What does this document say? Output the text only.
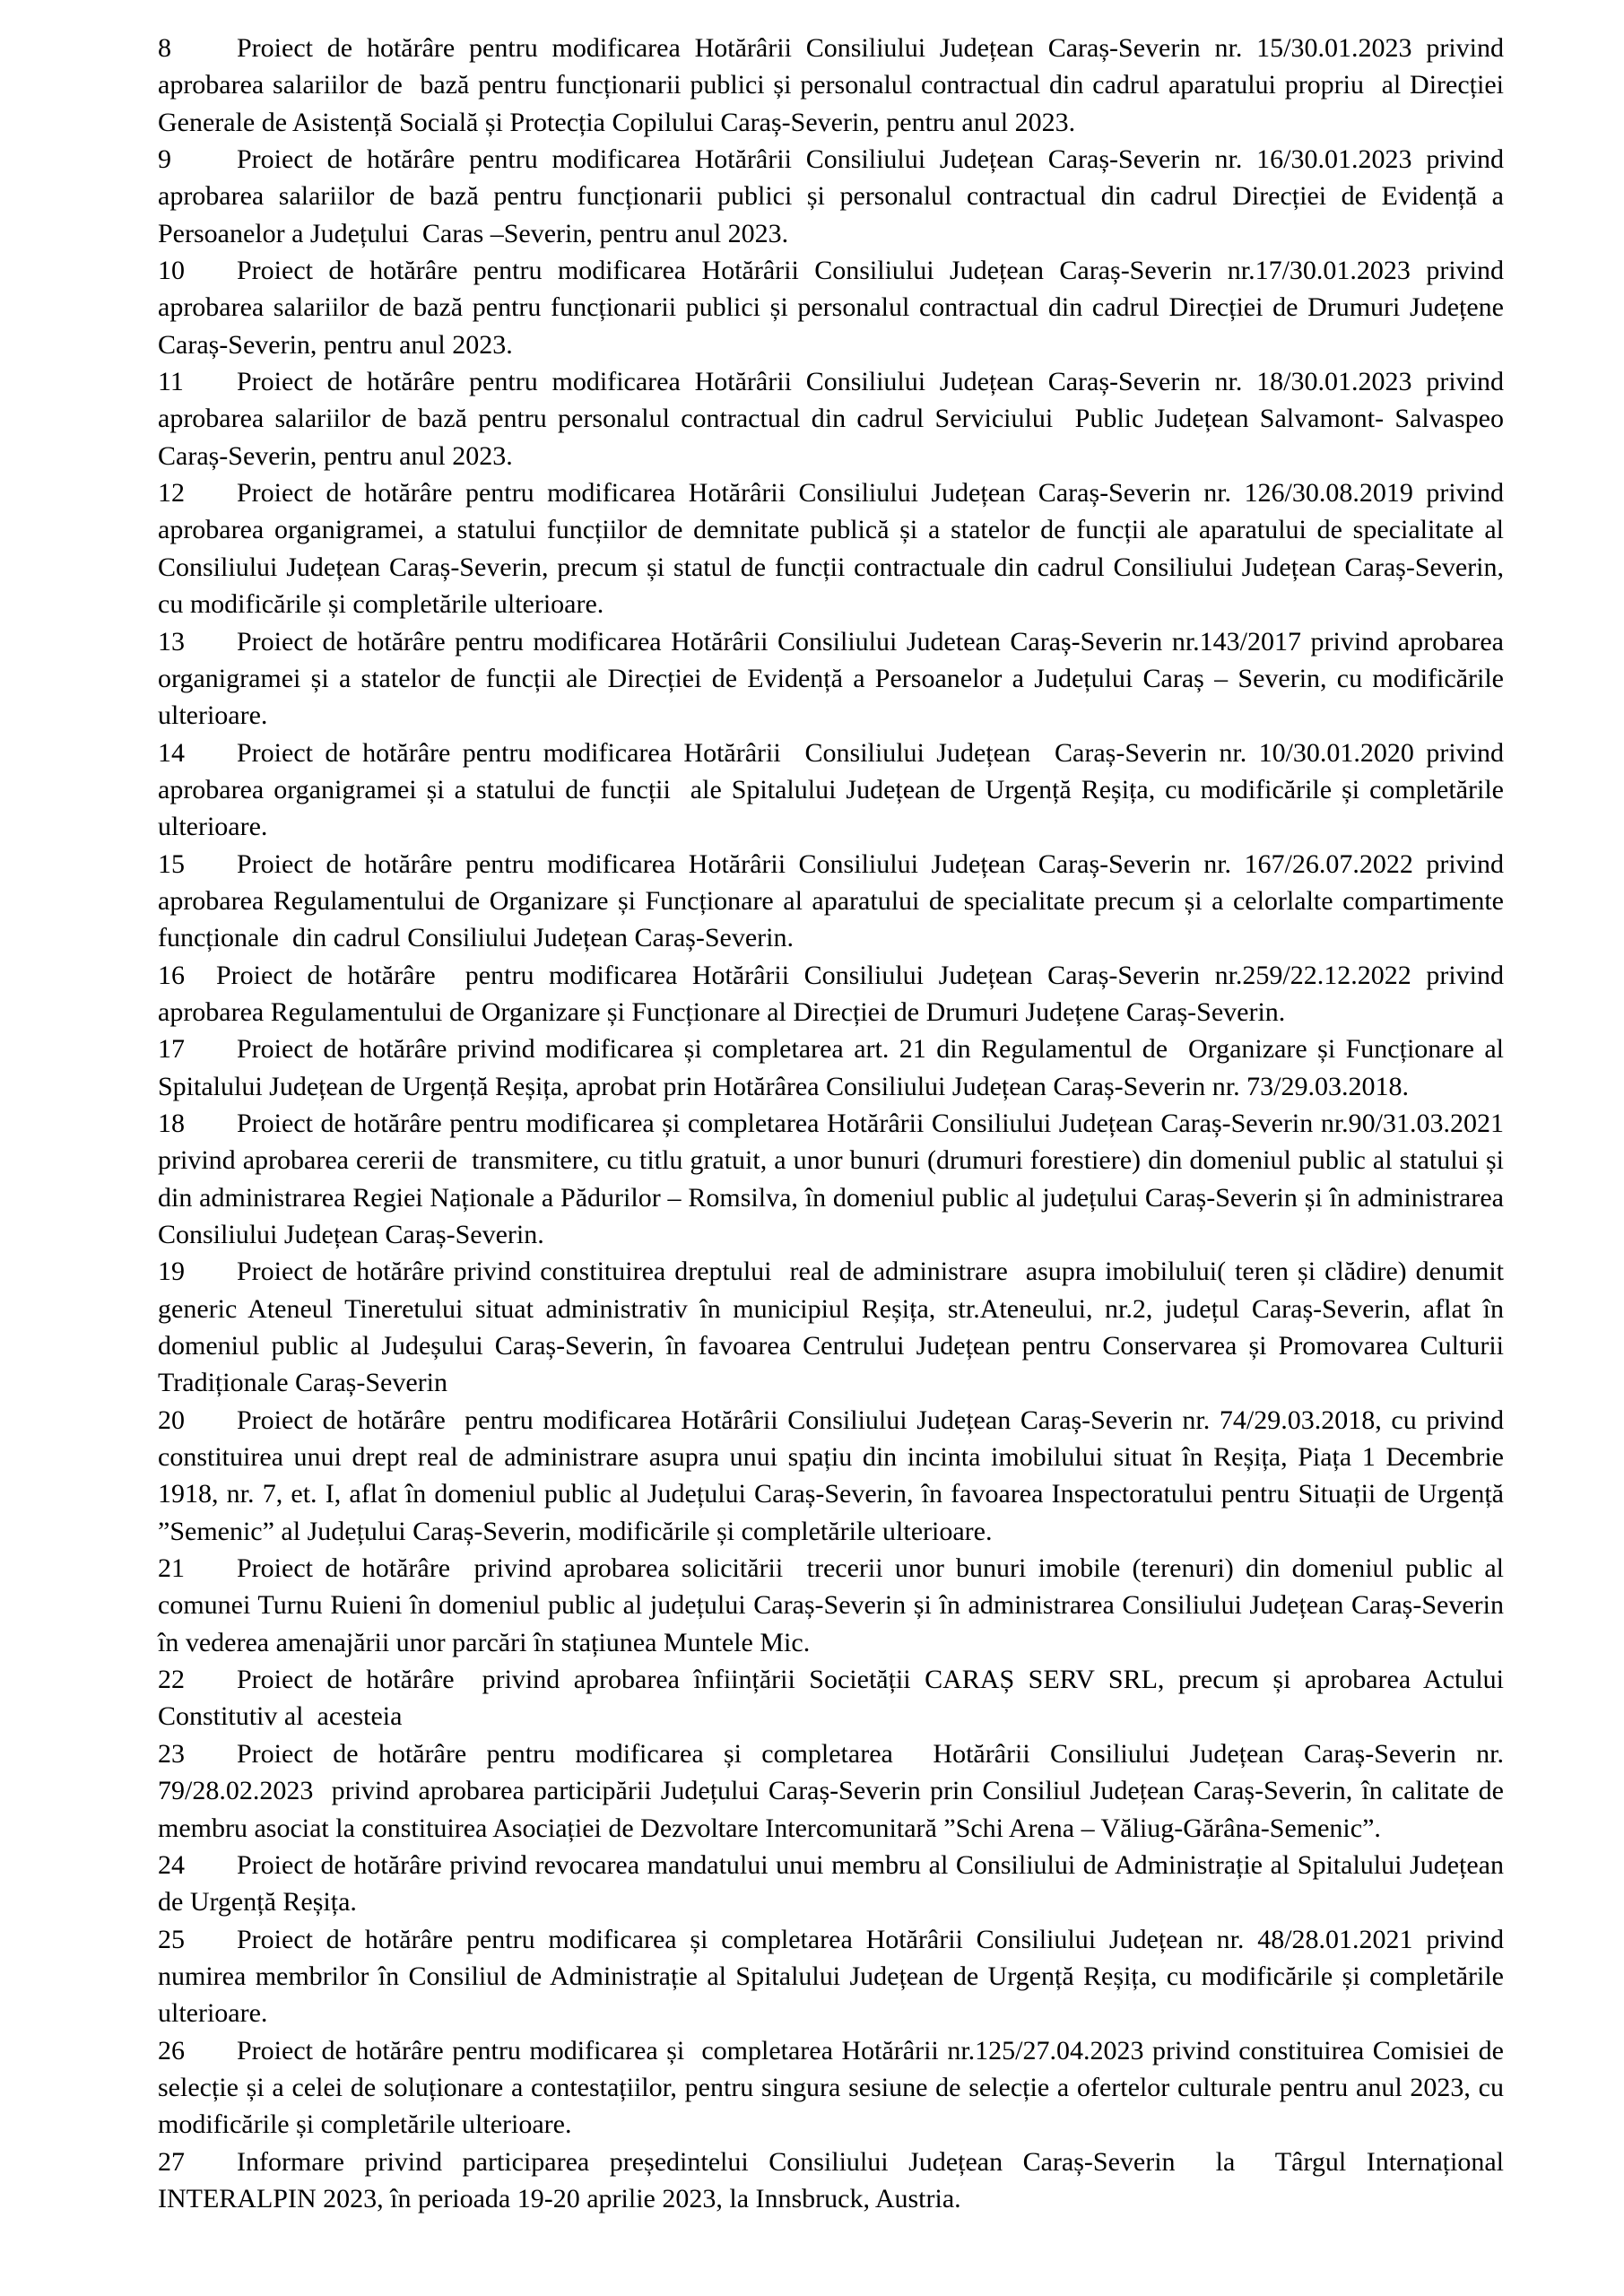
8 Proiect de hotărâre pentru modificarea Hotărârii Consiliului Județean Caraș-Severin nr. 15/30.01.2023 privind aprobarea salariilor de  bază pentru funcționarii publici și personalul contractual din cadrul aparatului propriu  al Direcției Generale de Asistență Socială și Protecția Copilului Caraș-Severin, pentru anul 2023.

9 Proiect de hotărâre pentru modificarea Hotărârii Consiliului Județean Caraș-Severin nr. 16/30.01.2023 privind aprobarea salariilor de bază pentru funcționarii publici și personalul contractual din cadrul Direcției de Evidență a Persoanelor a Județului  Caras –Severin, pentru anul 2023.

10 Proiect de hotărâre pentru modificarea Hotărârii Consiliului Județean Caraș-Severin nr.17/30.01.2023 privind aprobarea salariilor de bază pentru funcționarii publici și personalul contractual din cadrul Direcției de Drumuri Județene Caraș-Severin, pentru anul 2023.

11 Proiect de hotărâre pentru modificarea Hotărârii Consiliului Județean Caraș-Severin nr. 18/30.01.2023 privind aprobarea salariilor de bază pentru personalul contractual din cadrul Serviciului  Public Județean Salvamont- Salvaspeo Caraș-Severin, pentru anul 2023.

12 Proiect de hotărâre pentru modificarea Hotărârii Consiliului Județean Caraș-Severin nr. 126/30.08.2019 privind aprobarea organigramei, a statului funcțiilor de demnitate publică și a statelor de funcții ale aparatului de specialitate al Consiliului Județean Caraș-Severin, precum și statul de funcții contractuale din cadrul Consiliului Județean Caraș-Severin, cu modificările și completările ulterioare.

13 Proiect de hotărâre pentru modificarea Hotărârii Consiliului Judetean Caraș-Severin nr.143/2017 privind aprobarea organigramei și a statelor de funcții ale Direcției de Evidență a Persoanelor a Județului Caraș – Severin, cu modificările ulterioare.

14 Proiect de hotărâre pentru modificarea Hotărârii  Consiliului Județean  Caraș-Severin nr. 10/30.01.2020 privind aprobarea organigramei și a statului de funcții  ale Spitalului Județean de Urgență Reșița, cu modificările și completările ulterioare.

15 Proiect de hotărâre pentru modificarea Hotărârii Consiliului Județean Caraș-Severin nr. 167/26.07.2022 privind aprobarea Regulamentului de Organizare și Funcționare al aparatului de specialitate precum și a celorlalte compartimente funcționale  din cadrul Consiliului Județean Caraș-Severin.

16 Proiect de hotărâre  pentru modificarea Hotărârii Consiliului Județean Caraș-Severin nr.259/22.12.2022 privind aprobarea Regulamentului de Organizare și Funcționare al Direcției de Drumuri Județene Caraș-Severin.

17 Proiect de hotărâre privind modificarea și completarea art. 21 din Regulamentul de  Organizare și Funcționare al Spitalului Județean de Urgență Reșița, aprobat prin Hotărârea Consiliului Județean Caraș-Severin nr. 73/29.03.2018.

18 Proiect de hotărâre pentru modificarea și completarea Hotărârii Consiliului Județean Caraș-Severin nr.90/31.03.2021 privind aprobarea cererii de  transmitere, cu titlu gratuit, a unor bunuri (drumuri forestiere) din domeniul public al statului și din administrarea Regiei Naționale a Pădurilor – Romsilva, în domeniul public al județului Caraș-Severin și în administrarea Consiliului Județean Caraș-Severin.

19 Proiect de hotărâre privind constituirea dreptului  real de administrare  asupra imobilului( teren și clădire) denumit generic Ateneul Tineretului situat administrativ în municipiul Reșița, str.Ateneului, nr.2, județul Caraș-Severin, aflat în domeniul public al Judeșului Caraș-Severin, în favoarea Centrului Județean pentru Conservarea și Promovarea Culturii Tradiționale Caraș-Severin

20 Proiect de hotărâre  pentru modificarea Hotărârii Consiliului Județean Caraș-Severin nr. 74/29.03.2018, cu privind constituirea unui drept real de administrare asupra unui spațiu din incinta imobilului situat în Reșița, Piața 1 Decembrie 1918, nr. 7, et. I, aflat în domeniul public al Județului Caraș-Severin, în favoarea Inspectoratului pentru Situații de Urgență ”Semenic” al Județului Caraș-Severin, modificările și completările ulterioare.

21 Proiect de hotărâre  privind aprobarea solicitării  trecerii unor bunuri imobile (terenuri) din domeniul public al comunei Turnu Ruieni în domeniul public al județului Caraș-Severin și în administrarea Consiliului Județean Caraș-Severin în vederea amenajării unor parcări în stațiunea Muntele Mic.

22 Proiect de hotărâre  privind aprobarea înființării Societății CARAȘ SERV SRL, precum și aprobarea Actului Constitutiv al  acesteia

23 Proiect de hotărâre pentru modificarea și completarea  Hotărârii Consiliului Județean Caraș-Severin nr. 79/28.02.2023  privind aprobarea participării Județului Caraș-Severin prin Consiliul Județean Caraș-Severin, în calitate de membru asociat la constituirea Asociației de Dezvoltare Intercomunitară ”Schi Arena – Văliug-Gărâna-Semenic”.

24 Proiect de hotărâre privind revocarea mandatului unui membru al Consiliului de Administrație al Spitalului Județean de Urgență Reșița.

25 Proiect de hotărâre pentru modificarea și completarea Hotărârii Consiliului Județean nr. 48/28.01.2021 privind numirea membrilor în Consiliul de Administrație al Spitalului Județean de Urgență Reșița, cu modificările și completările ulterioare.

26 Proiect de hotărâre pentru modificarea și  completarea Hotărârii nr.125/27.04.2023 privind constituirea Comisiei de selecție și a celei de soluționare a contestațiilor, pentru singura sesiune de selecție a ofertelor culturale pentru anul 2023, cu modificările și completările ulterioare.

27 Informare privind participarea președintelui Consiliului Județean Caraș-Severin  la  Târgul Internațional INTERALPIN 2023, în perioada 19-20 aprilie 2023, la Innsbruck, Austria.
